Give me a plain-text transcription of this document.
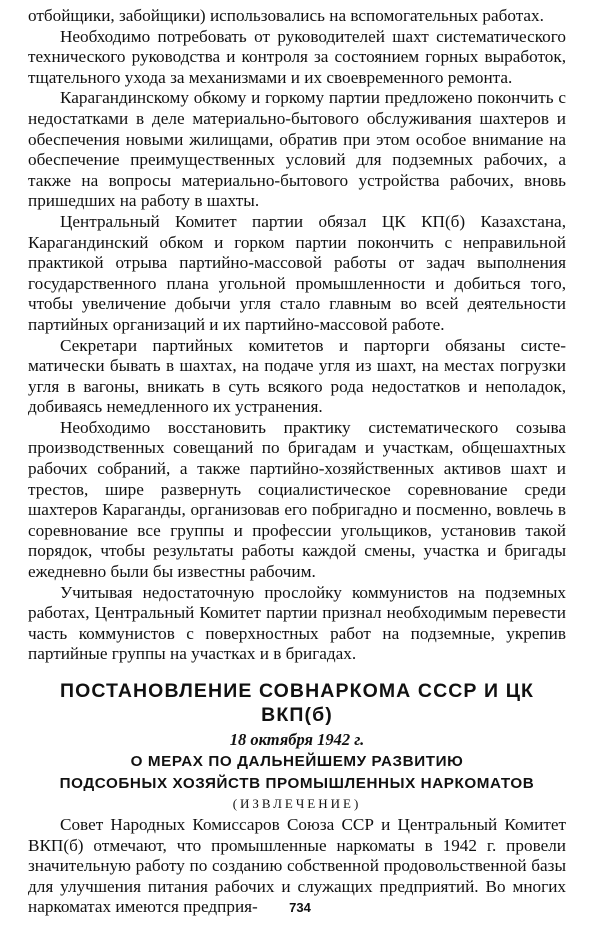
отбойщики, забойщики) использовались на вспомогательных работах.

Необходимо потребовать от руководителей шахт систематического технического руководства и контроля за состоянием горных выработок, тщательного ухода за механизмами и их своевременного ремонта.

Карагандинскому обкому и горкому партии предложено покончить с недостатками в деле материально-бытового обслуживания шахтеров и обеспечения новыми жилищами, обратив при этом особое внимание на обеспечение преимущественных условий для подземных рабочих, а также на вопросы материально-бытового устройства рабочих, вновь пришедших на работу в шахты.

Центральный Комитет партии обязал ЦК КП(б) Казахстана, Карагандинский обком и горком партии покончить с неправильной практикой отрыва партийно-массовой работы от задач выполнения государственного плана угольной промышленности и добиться того, чтобы увеличение добычи угля стало главным во всей деятельности партийных организаций и их партийно-массовой работе.

Секретари партийных комитетов и парторги обязаны систематически бывать в шахтах, на подаче угля из шахт, на местах погрузки угля в вагоны, вникать в суть всякого рода недостатков и неполадок, добиваясь немедленного их устранения.

Необходимо восстановить практику систематического созыва производственных совещаний по бригадам и участкам, общешахтных рабочих собраний, а также партийно-хозяйственных активов шахт и трестов, шире развернуть социалистическое соревнование среди шахтеров Караганды, организовав его побригадно и посменно, вовлечь в соревнование все группы и профессии угольщиков, установив такой порядок, чтобы результаты работы каждой смены, участка и бригады ежедневно были бы известны рабочим.

Учитывая недостаточную прослойку коммунистов на подземных работах, Центральный Комитет партии признал необходимым перевести часть коммунистов с поверхностных работ на подземные, укрепив партийные группы на участках и в бригадах.

ПОСТАНОВЛЕНИЕ СОВНАРКОМА СССР И ЦК ВКП(б)
18 октября 1942 г.
О МЕРАХ ПО ДАЛЬНЕЙШЕМУ РАЗВИТИЮ
ПОДСОБНЫХ ХОЗЯЙСТВ ПРОМЫШЛЕННЫХ НАРКОМАТОВ
(ИЗВЛЕЧЕНИЕ)

Совет Народных Комиссаров Союза ССР и Центральный Комитет ВКП(б) отмечают, что промышленные наркоматы в 1942 г. провели значительную работу по созданию собственной продовольственной базы для улучшения питания рабочих и служащих предприятий. Во многих наркоматах имеются предприя-	734
